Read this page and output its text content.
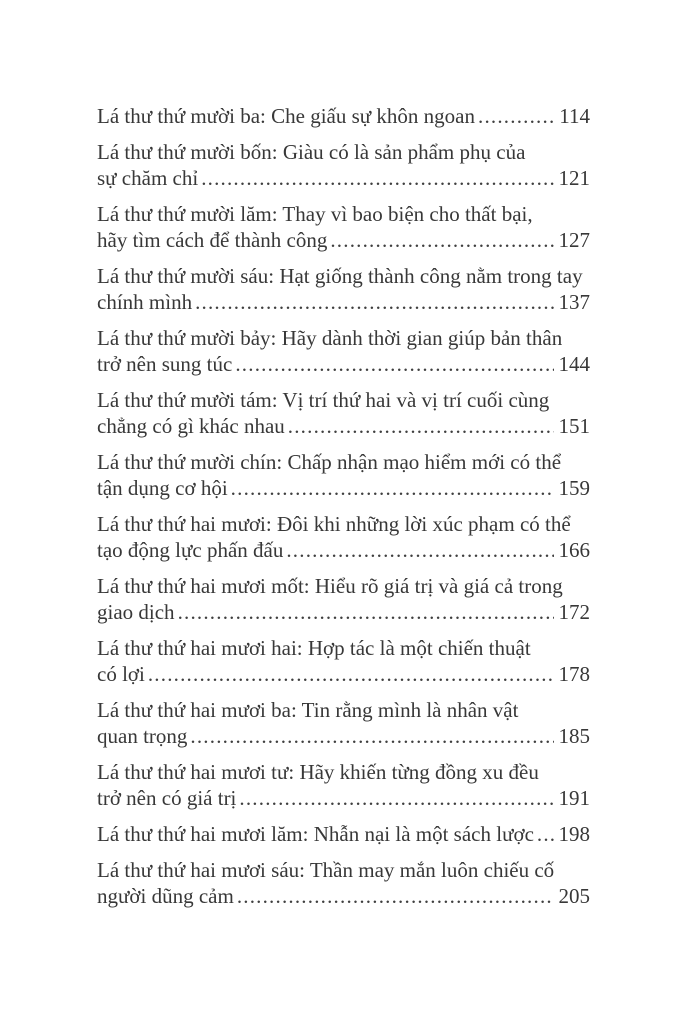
Lá thư thứ mười ba: Che giấu sự khôn ngoan .....	114
Lá thư thứ mười bốn: Giàu có là sản phẩm phụ của
sự chăm chỉ .....	121
Lá thư thứ mười lăm: Thay vì bao biện cho thất bại,
hãy tìm cách để thành công .....	127
Lá thư thứ mười sáu: Hạt giống thành công nằm trong tay
chính mình .....	137
Lá thư thứ mười bảy: Hãy dành thời gian giúp bản thân
trở nên sung túc .....	144
Lá thư thứ mười tám: Vị trí thứ hai và vị trí cuối cùng
chẳng có gì khác nhau .....	151
Lá thư thứ mười chín: Chấp nhận mạo hiểm mới có thể
tận dụng cơ hội .....	159
Lá thư thứ hai mươi: Đôi khi những lời xúc phạm có thể
tạo động lực phấn đấu .....	166
Lá thư thứ hai mươi mốt: Hiểu rõ giá trị và giá cả trong
giao dịch .....	172
Lá thư thứ hai mươi hai: Hợp tác là một chiến thuật
có lợi .....	178
Lá thư thứ hai mươi ba: Tin rằng mình là nhân vật
quan trọng .....	185
Lá thư thứ hai mươi tư: Hãy khiến từng đồng xu đều
trở nên có giá trị .....	191
Lá thư thứ hai mươi lăm: Nhẫn nại là một sách lược ..... 198
Lá thư thứ hai mươi sáu: Thần may mắn luôn chiếu cố
người dũng cảm .....	205
